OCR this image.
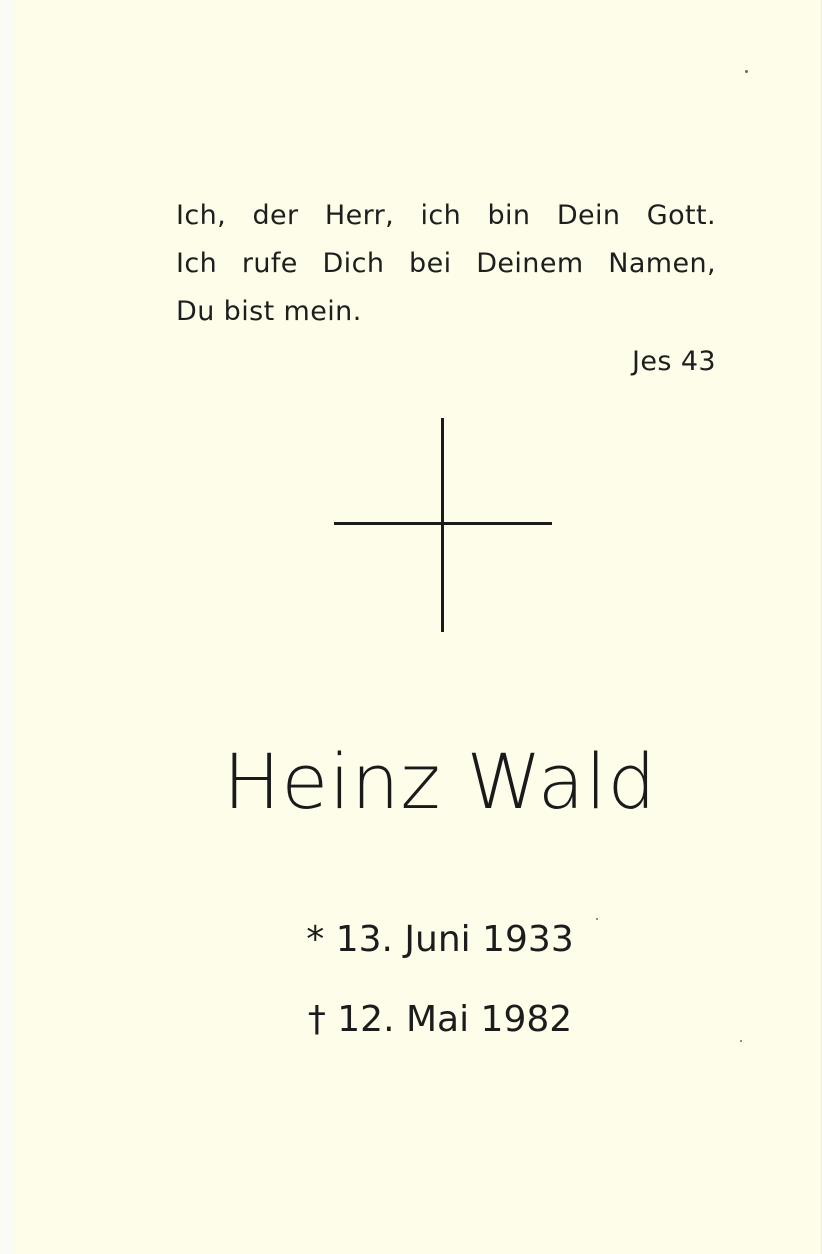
Ich, der Herr, ich bin Dein Gott.
Ich rufe Dich bei Deinem Namen,
Du bist mein.
Jes 43
Heinz Wald
* 13. Juni 1933
† 12. Mai 1982
